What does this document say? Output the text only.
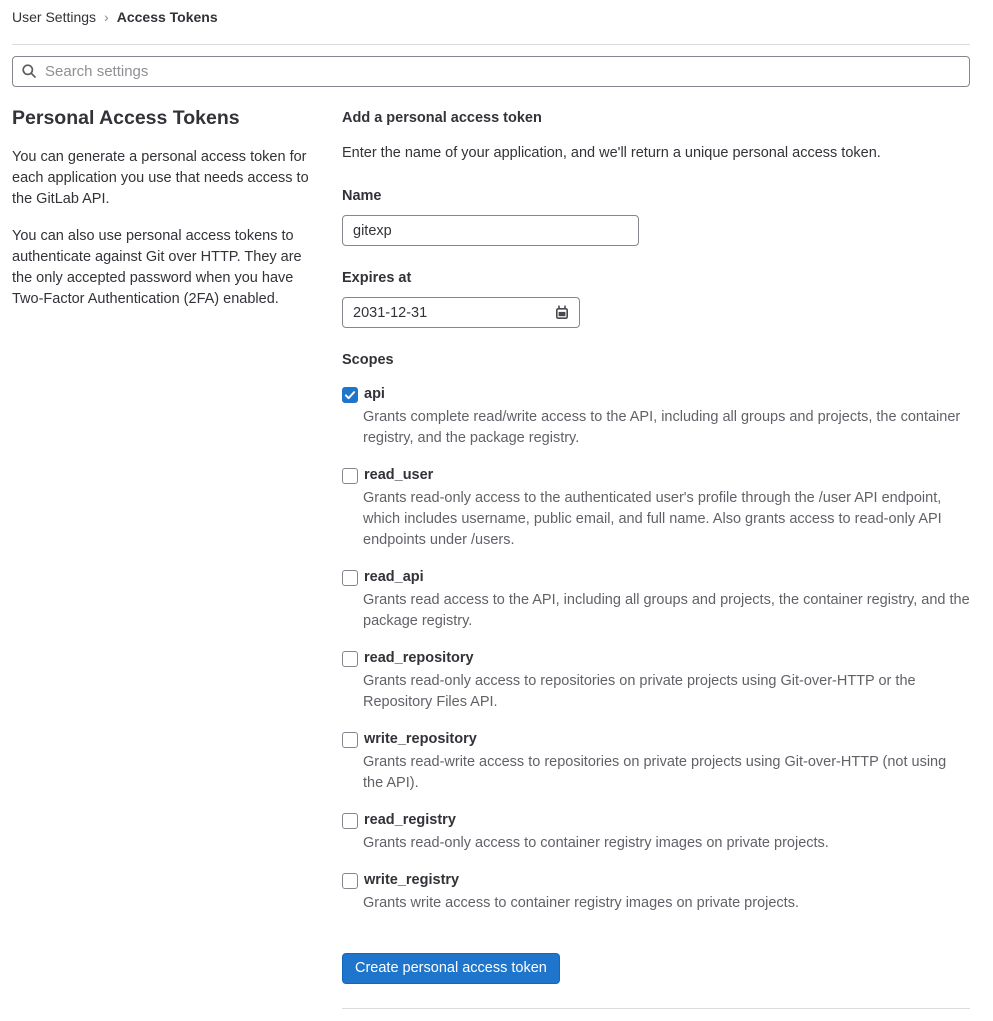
User Settings › Access Tokens
Search settings
Personal Access Tokens

You can generate a personal access token for each application you use that needs access to the GitLab API.

You can also use personal access tokens to authenticate against Git over HTTP. They are the only accepted password when you have Two-Factor Authentication (2FA) enabled.

Add a personal access token

Enter the name of your application, and we'll return a unique personal access token.

Name
gitexp
Expires at
2031-12-31
Scopes
api

Grants complete read/write access to the API, including all groups and projects, the container registry, and the package registry.

read_user

Grants read-only access to the authenticated user's profile through the /user API endpoint, which includes username, public email, and full name. Also grants access to read-only API endpoints under /users.

read_api

Grants read access to the API, including all groups and projects, the container registry, and the package registry.

read_repository

Grants read-only access to repositories on private projects using Git-over-HTTP or the Repository Files API.

write_repository

Grants read-write access to repositories on private projects using Git-over-HTTP (not using the API).

read_registry

Grants read-only access to container registry images on private projects.

write_registry

Grants write access to container registry images on private projects.

Create personal access token
